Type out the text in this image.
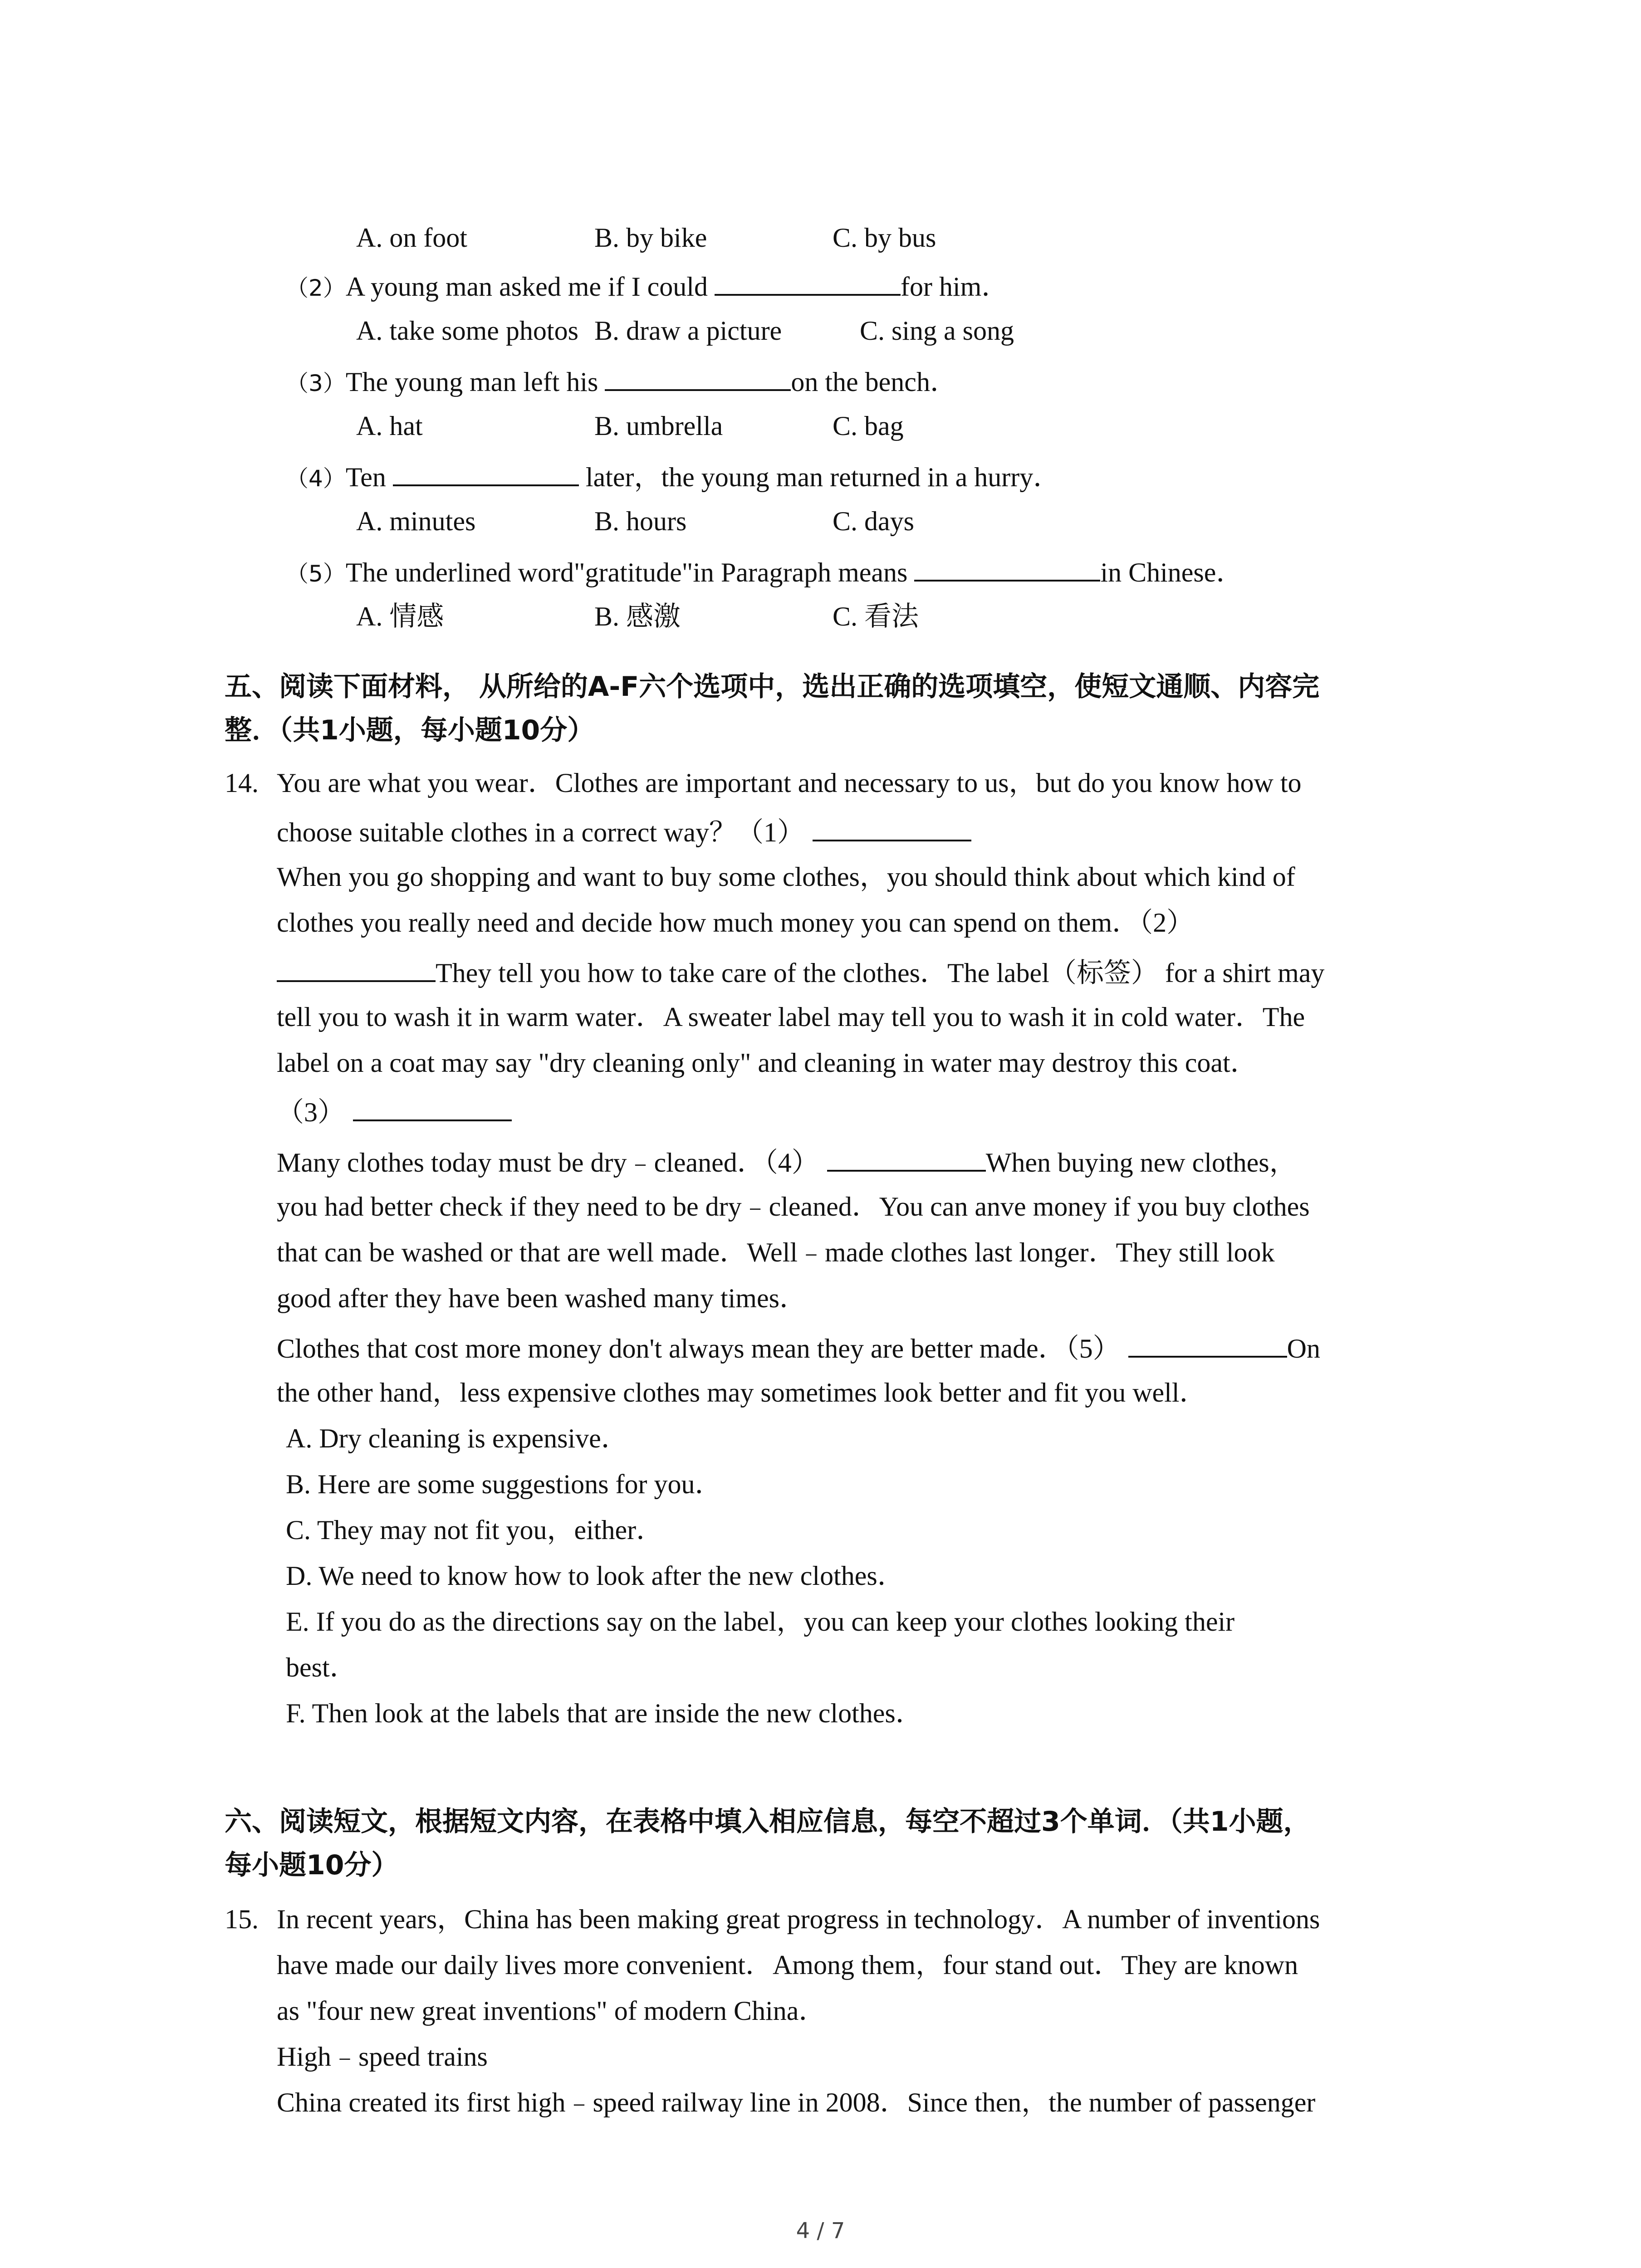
A. on foot	B. by bike	C. by bus
（2）A young man asked me if I could	for him．
A. take some photos B. draw a picture	C. sing a song
（3）The young man left his	on the bench．
A. hat	B. umbrella	C. bag
（4）Ten	later，the young man returned in a hurry．
A. minutes	B. hours	C. days
（5）The underlined word"gratitude"in Paragraph means	in Chinese．
A. 情感	B. 感激	C. 看法
五、阅读下面材料， 从所给的A-F六个选项中，选出正确的选项填空，使短文通顺、内容完
整．（共1小题，每小题10分）
14. You are what you wear．Clothes are important and necessary to us，but do you know how to
choose suitable clothes in a correct way？（1）
When you go shopping and want to buy some clothes，you should think about which kind of
clothes you really need and decide how much money you can spend on them．（2）
They tell you how to take care of the clothes．The label（标签） for a shirt may
tell you to wash it in warm water．A sweater label may tell you to wash it in cold water．The
label on a coat may say "dry cleaning only" and cleaning in water may destroy this coat．
（3）
Many clothes today must be dry﹣cleaned．（4）	When buying new clothes，
you had better check if they need to be dry﹣cleaned．You can anve money if you buy clothes
that can be washed or that are well made．Well﹣made clothes last longer．They still look
good after they have been washed many times．
Clothes that cost more money don't always mean they are better made．（5）	On
the other hand，less expensive clothes may sometimes look better and fit you well．
A. Dry cleaning is expensive．
B. Here are some suggestions for you．
C. They may not fit you，either．
D. We need to know how to look after the new clothes．
E. If you do as the directions say on the label，you can keep your clothes looking their
best．
F. Then look at the labels that are inside the new clothes．
六、阅读短文，根据短文内容，在表格中填入相应信息，每空不超过3个单词．（共1小题，
每小题10分）
15. In recent years，China has been making great progress in technology．A number of inventions
have made our daily lives more convenient．Among them，four stand out．They are known
as "four new great inventions" of modern China．
High﹣speed trains
China created its first high﹣speed railway line in 2008．Since then，the number of passenger
4 / 7
